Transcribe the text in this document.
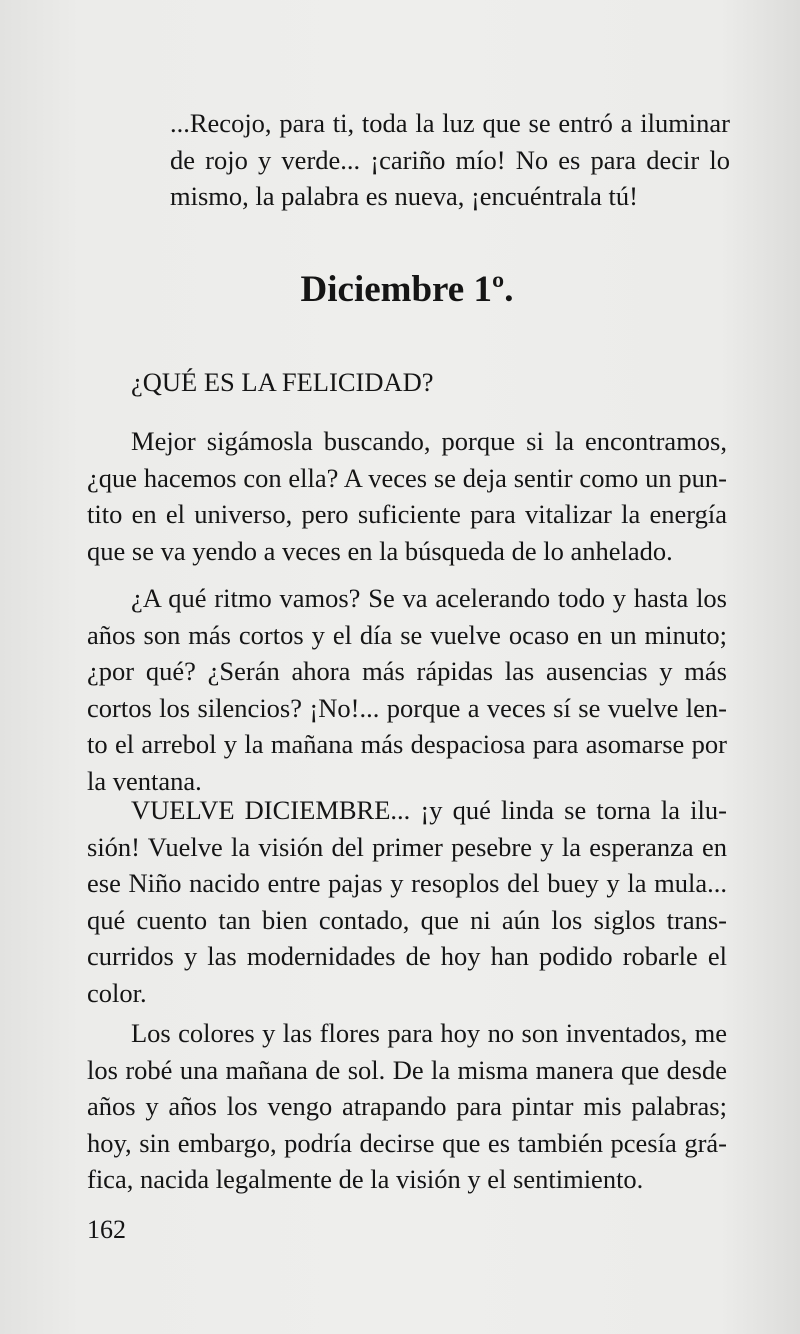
...Recojo, para ti, toda la luz que se entró a iluminar de rojo y verde... ¡cariño mío! No es para decir lo mismo, la palabra es nueva, ¡encuéntrala tú!

Diciembre 1º.

¿QUÉ ES LA FELICIDAD?

Mejor sigámosla buscando, porque si la encontramos, ¿que hacemos con ella? A veces se deja sentir como un puntito en el universo, pero suficiente para vitalizar la energía que se va yendo a veces en la búsqueda de lo anhelado.

¿A qué ritmo vamos? Se va acelerando todo y hasta los años son más cortos y el día se vuelve ocaso en un minuto; ¿por qué? ¿Serán ahora más rápidas las ausencias y más cortos los silencios? ¡No!... porque a veces sí se vuelve lento el arrebol y la mañana más despaciosa para asomarse por la ventana.

VUELVE DICIEMBRE... ¡y qué linda se torna la ilusión! Vuelve la visión del primer pesebre y la esperanza en ese Niño nacido entre pajas y resoplos del buey y la mula... qué cuento tan bien contado, que ni aún los siglos transcurridos y las modernidades de hoy han podido robarle el color.

Los colores y las flores para hoy no son inventados, me los robé una mañana de sol. De la misma manera que desde años y años los vengo atrapando para pintar mis palabras; hoy, sin embargo, podría decirse que es también pcesía gráfica, nacida legalmente de la visión y el sentimiento.

162
